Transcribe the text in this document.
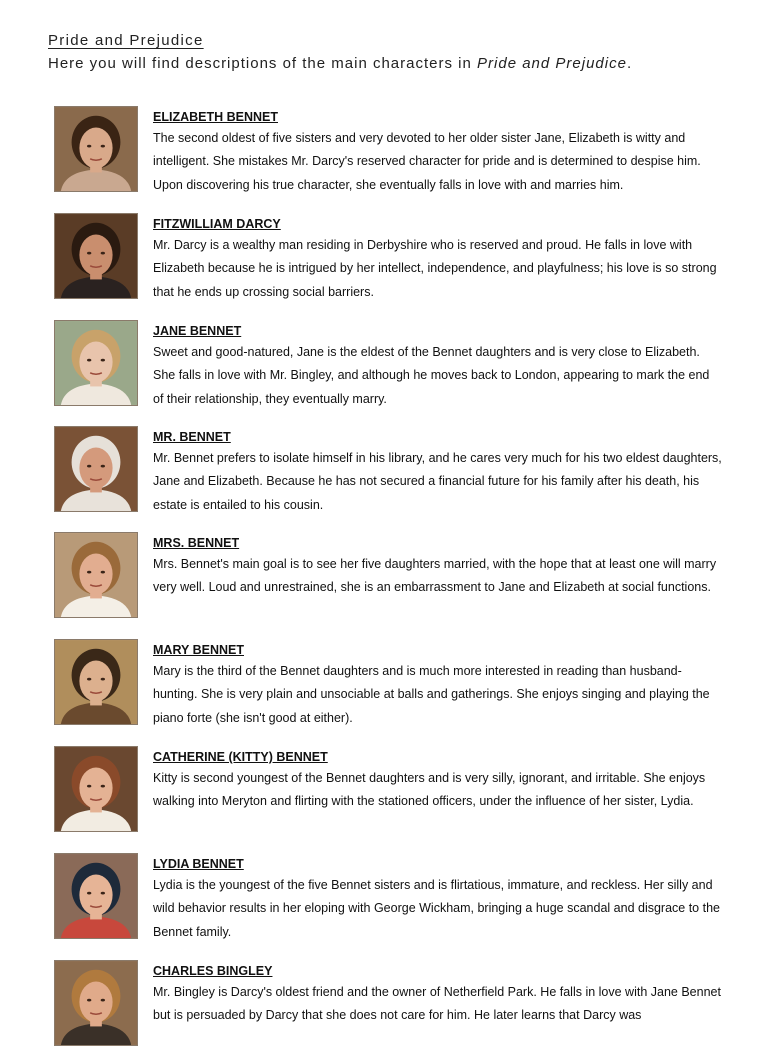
Pride and Prejudice

Here you will find descriptions of the main characters in Pride and Prejudice.

ELIZABETH BENNET
The second oldest of five sisters and very devoted to her older sister Jane, Elizabeth is witty and intelligent. She mistakes Mr. Darcy's reserved character for pride and is determined to despise him. Upon discovering his true character, she eventually falls in love with and marries him.
FITZWILLIAM DARCY
Mr. Darcy is a wealthy man residing in Derbyshire who is reserved and proud. He falls in love with Elizabeth because he is intrigued by her intellect, independence, and playfulness; his love is so strong that he ends up crossing social barriers.
JANE BENNET
Sweet and good-natured, Jane is the eldest of the Bennet daughters and is very close to Elizabeth. She falls in love with Mr. Bingley, and although he moves back to London, appearing to mark the end of their relationship, they eventually marry.
MR. BENNET
Mr. Bennet prefers to isolate himself in his library, and he cares very much for his two eldest daughters, Jane and Elizabeth. Because he has not secured a financial future for his family after his death, his estate is entailed to his cousin.
MRS. BENNET
Mrs. Bennet's main goal is to see her five daughters married, with the hope that at least one will marry very well. Loud and unrestrained, she is an embarrassment to Jane and Elizabeth at social functions.
MARY BENNET
Mary is the third of the Bennet daughters and is much more interested in reading than husband-hunting. She is very plain and unsociable at balls and gatherings. She enjoys singing and playing the piano forte (she isn't good at either).
CATHERINE (KITTY) BENNET
Kitty is second youngest of the Bennet daughters and is very silly, ignorant, and irritable. She enjoys walking into Meryton and flirting with the stationed officers, under the influence of her sister, Lydia.
LYDIA BENNET
Lydia is the youngest of the five Bennet sisters and is flirtatious, immature, and reckless. Her silly and wild behavior results in her eloping with George Wickham, bringing a huge scandal and disgrace to the Bennet family.
CHARLES BINGLEY
Mr. Bingley is Darcy's oldest friend and the owner of Netherfield Park. He falls in love with Jane Bennet but is persuaded by Darcy that she does not care for him. He later learns that Darcy was
